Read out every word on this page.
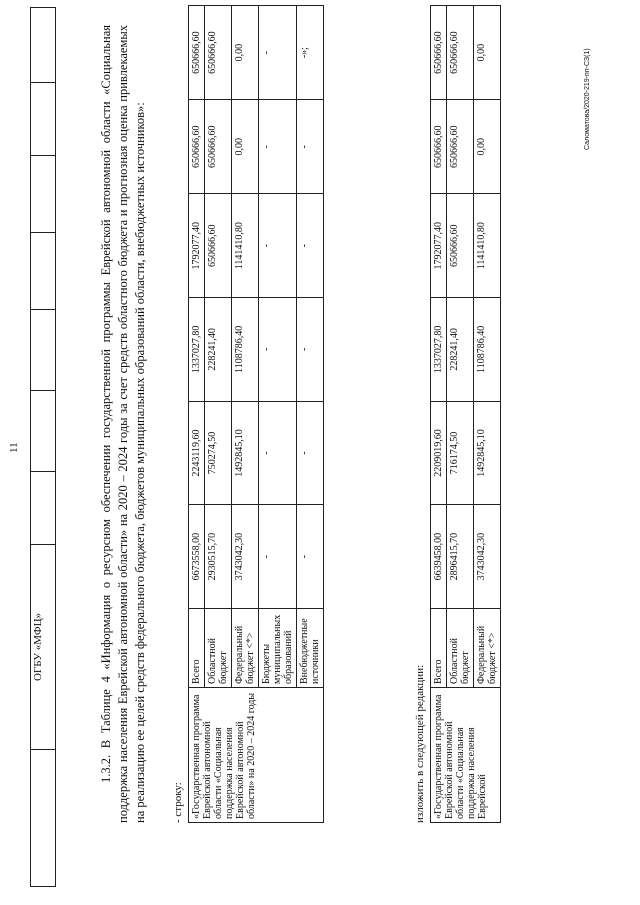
	ОГБУ «МФЦ»							
11	1.3.2. В Таблице 4 «Информация о ресурсном обеспечении государственной программы Еврейской автономной области «Социальная поддержка населения Еврейской автономной области» на 2020 – 2024 годы за счет средств областного бюджета и прогнозная оценка привлекаемых на реализацию ее целей средств федерального бюджета, бюджетов муниципальных образований области, внебюджетных источников»: - строку: «Государственная программа Еврейской автономной области «Социальная поддержка населения Еврейской автономной области» на 2020 – 2024 годы	Всего	6673558,00	2243119,60	1337027,80	1792077,40	650666,60	650666,60
	Областной бюджет	2930515,70	750274,50	228241,40	650666,60	650666,60	650666,60
	Федеральный бюджет <*>	3743042,30	1492845,10	1108786,40	1141410,80	0,00	0,00
	Бюджеты муниципальных образований	-	-	-	-	-	-
	Внебюджетные источники	-	-	-	-	-	-»;
изложить в следующей редакции: «Государственная программа Еврейской автономной области «Социальная поддержка населения Еврейской	Всего	6639458,00	2209019,60	1337027,80	1792077,40	650666,60	650666,60
	Областной бюджет	2896415,70	716174,50	228241,40	650666,60	650666,60	650666,60
	Федеральный бюджет <*>	3743042,30	1492845,10	1108786,40	1141410,80	0,00	0,00	Саломатова/2020-219-пп-СЗ(1)
